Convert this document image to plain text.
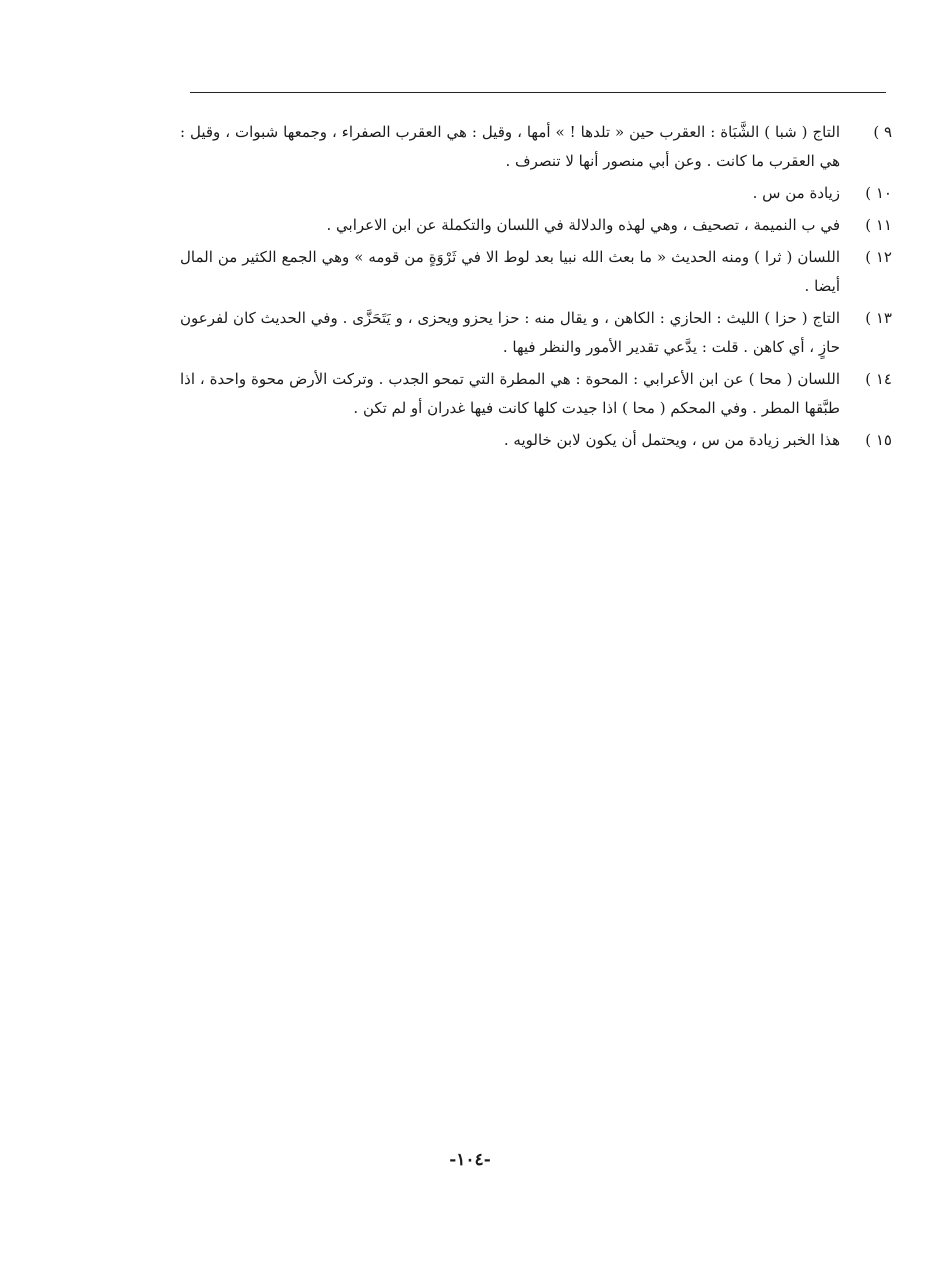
٩ )
التاج ( شبا ) الشَّبَاة : العقرب حين « تلدها ! » أمها ، وقيل : هي العقرب الصفراء ، وجمعها شبوات ، وقيل : هي العقرب ما كانت . وعن أبي منصور أنها لا تنصرف .
١٠ )
زيادة من س .
١١ )
في ب النميمة ، تصحيف ، وهي لهذه والدلالة في اللسان والتكملة عن ابن الاعرابي .
١٢ )
اللسان ( ثرا ) ومنه الحديث « ما بعث الله نبيا بعد لوط الا في ثَرْوَةٍ من قومه » وهي الجمع الكثير من المال أيضا .
١٣ )
التاج ( حزا ) الليث : الحازي : الكاهن ، و يقال منه : حزا يحزو ويحزى ، و يَتَحَزَّى . وفي الحديث كان لفرعون حازٍ ، أي كاهن . قلت : يدَّعي تقدير الأمور والنظر فيها .
١٤ )
اللسان ( محا ) عن ابن الأعرابي : المحوة : هي المطرة التي تمحو الجدب . وتركت الأرض محوة واحدة ، اذا طبَّقها المطر . وفي المحكم ( محا ) اذا جيدت كلها كانت فيها غدران أو لم تكن .
١٥ )
هذا الخبر زيادة من س ، ويحتمل أن يكون لابن خالويه .
-١٠٤-
